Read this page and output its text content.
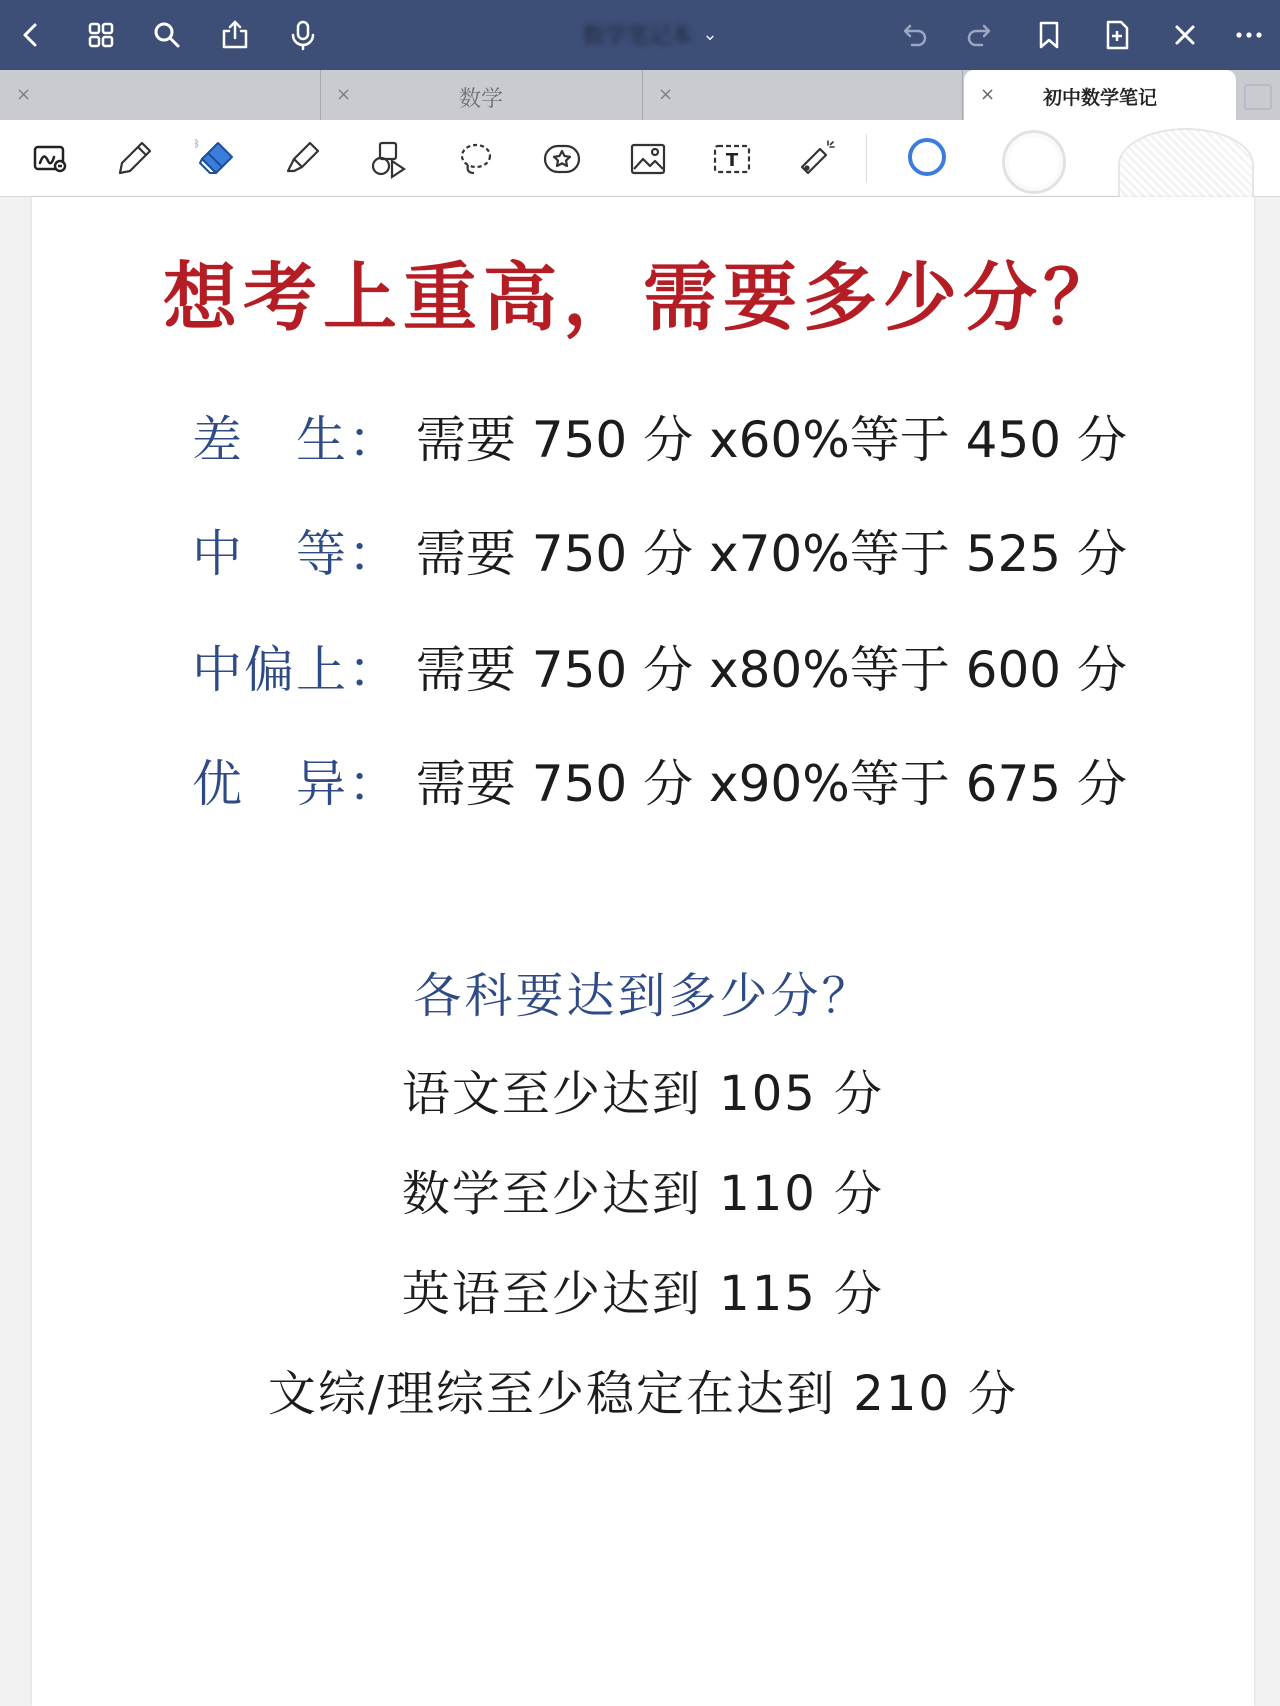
数学笔记本 ⌄
×	×	数学	×	×	初中数学笔记
ᛒ
T
想考上重高，需要多少分？
差　生： 需要 750 分 x60%等于 450 分
中　等： 需要 750 分 x70%等于 525 分
中偏上： 需要 750 分 x80%等于 600 分
优　异： 需要 750 分 x90%等于 675 分
各科要达到多少分？
语文至少达到 105 分
数学至少达到 110 分
英语至少达到 115 分
文综/理综至少稳定在达到 210 分
